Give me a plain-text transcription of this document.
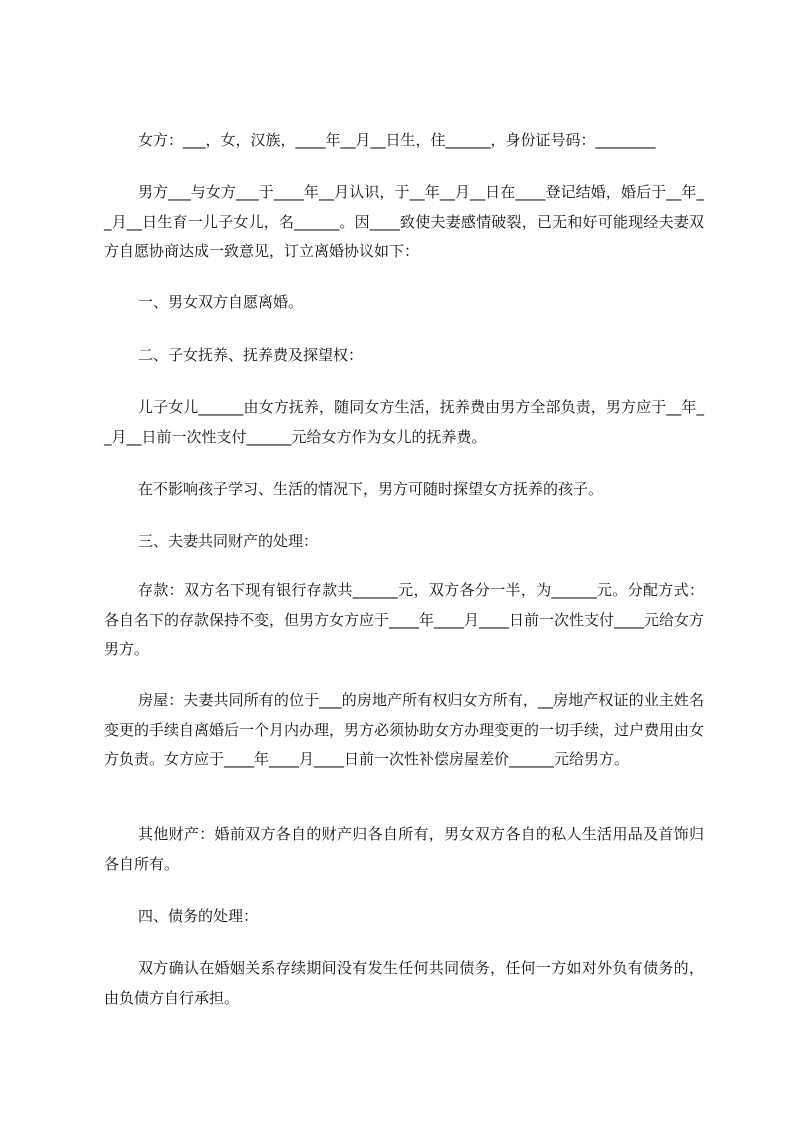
女方：___，女，汉族，____年__月__日生，住______，身份证号码：________

男方___与女方___于____年__月认识，于__年__月__日在____登记结婚，婚后于__年__月__日生育一儿子女儿，名______。因____致使夫妻感情破裂，已无和好可能现经夫妻双方自愿协商达成一致意见，订立离婚协议如下：

一、男女双方自愿离婚。

二、子女抚养、抚养费及探望权：

儿子女儿______由女方抚养，随同女方生活，抚养费由男方全部负责，男方应于__年__月__日前一次性支付______元给女方作为女儿的抚养费。

在不影响孩子学习、生活的情况下，男方可随时探望女方抚养的孩子。

三、夫妻共同财产的处理：

存款：双方名下现有银行存款共______元，双方各分一半，为______元。分配方式：各自名下的存款保持不变，但男方女方应于____年____月____日前一次性支付____元给女方男方。

房屋：夫妻共同所有的位于___的房地产所有权归女方所有，__房地产权证的业主姓名变更的手续自离婚后一个月内办理，男方必须协助女方办理变更的一切手续，过户费用由女方负责。女方应于____年____月____日前一次性补偿房屋差价______元给男方。

其他财产：婚前双方各自的财产归各自所有，男女双方各自的私人生活用品及首饰归各自所有。

四、债务的处理：

双方确认在婚姻关系存续期间没有发生任何共同债务，任何一方如对外负有债务的，由负债方自行承担。
